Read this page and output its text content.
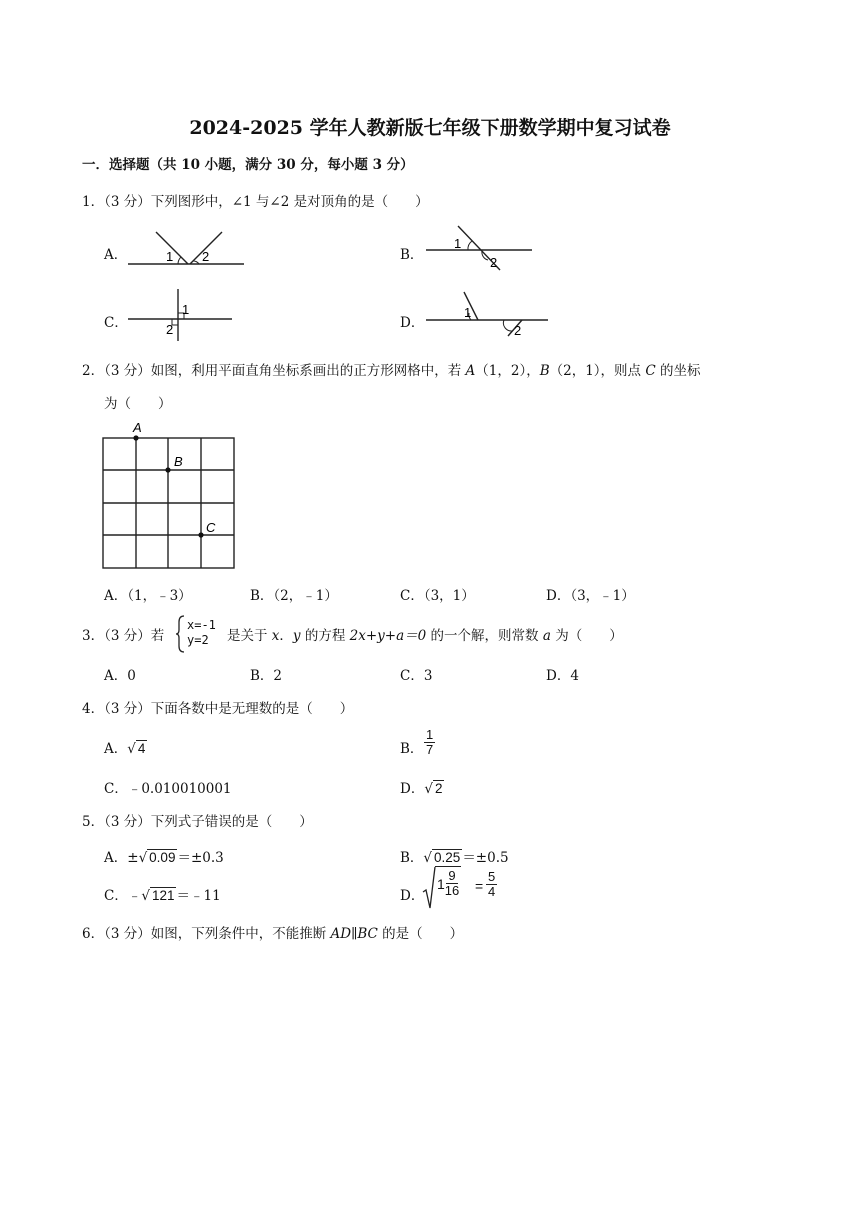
2024-2025 学年人教新版七年级下册数学期中复习试卷
一．选择题（共 10 小题，满分 30 分，每小题 3 分）
1．（3 分）下列图形中，∠1 与∠2 是对顶角的是（　　）
A．	1 2	B．
1
2
C．
1
2	D．
1
2
2．（3 分）如图，利用平面直角坐标系画出的正方形网格中，若 A（1，2），B（2，1），则点 C 的坐标
为（　　）
A
B
C
A．（1，﹣3）	B．（2，﹣1）	C．（3，1）	D．（3，﹣1）
3．（3 分）若
x=-1
y=2	是关于 x．y 的方程 2x+y+a＝0 的一个解，则常数 a 为（　　）
A．0	B．2	C．3	D．4
4．（3 分）下面各数中是无理数的是（　　）
A．√ 4	B． $\frac{1}{7}$
C．﹣0.010010001	D．√ 2
5．（3 分）下列式子错误的是（　　）
A．±√ 0.09 ＝±0.3	B．√ 0.25 ＝±0.5
C．﹣√ 121 ＝﹣11	D．
$1 \frac{9}{16} = \frac{5}{4}$
6．（3 分）如图，下列条件中，不能推断 AD∥BC 的是（　　）
